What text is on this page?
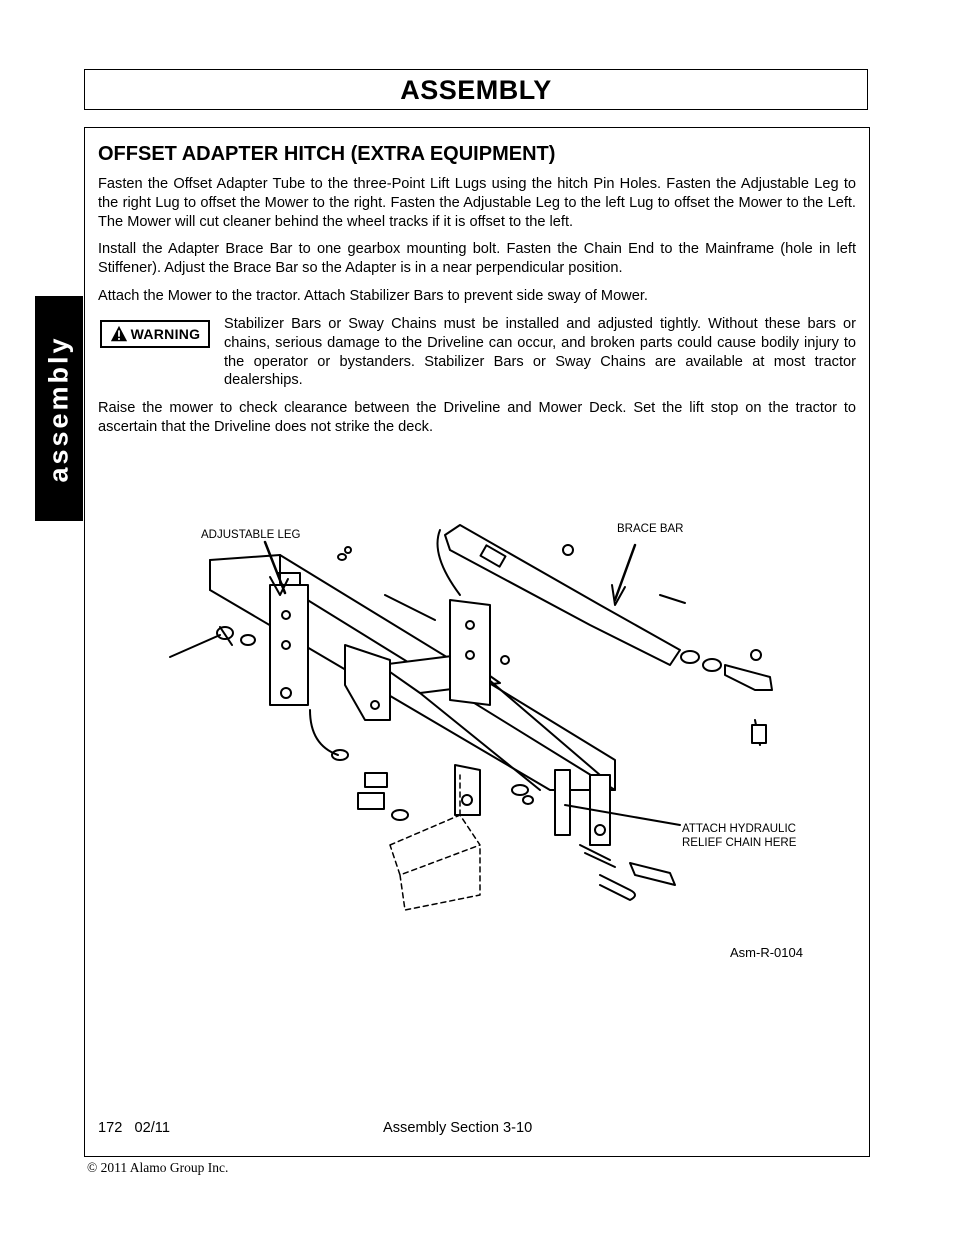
ASSEMBLY
assembly
OFFSET ADAPTER HITCH (EXTRA EQUIPMENT)

Fasten the Offset Adapter Tube to the three-Point Lift Lugs using the hitch Pin Holes. Fasten the Adjustable Leg to the right Lug to offset the Mower to the right. Fasten the Adjustable Leg to the left Lug to offset the Mower to the Left. The Mower will cut cleaner behind the wheel tracks if it is offset to the left.

Install the Adapter Brace Bar to one gearbox mounting bolt. Fasten the Chain End to the Mainframe (hole in left Stiffener). Adjust the Brace Bar so the Adapter is in a near perpendicular position.

Attach the Mower to the tractor. Attach Stabilizer Bars to prevent side sway of Mower.

WARNING

Stabilizer Bars or Sway Chains must be installed and adjusted tightly. Without these bars or chains, serious damage to the Driveline can occur, and broken parts could cause bodily injury to the operator or bystanders. Stabilizer Bars or Sway Chains are available at most tractor dealerships.

Raise the mower to check clearance between the Driveline and Mower Deck. Set the lift stop on the tractor to ascertain that the Driveline does not strike the deck.

ADJUSTABLE LEG	BRACE BAR
ATTACH HYDRAULIC
RELIEF CHAIN HERE
Asm-R-0104
172   02/11	Assembly Section 3-10
© 2011 Alamo Group Inc.
